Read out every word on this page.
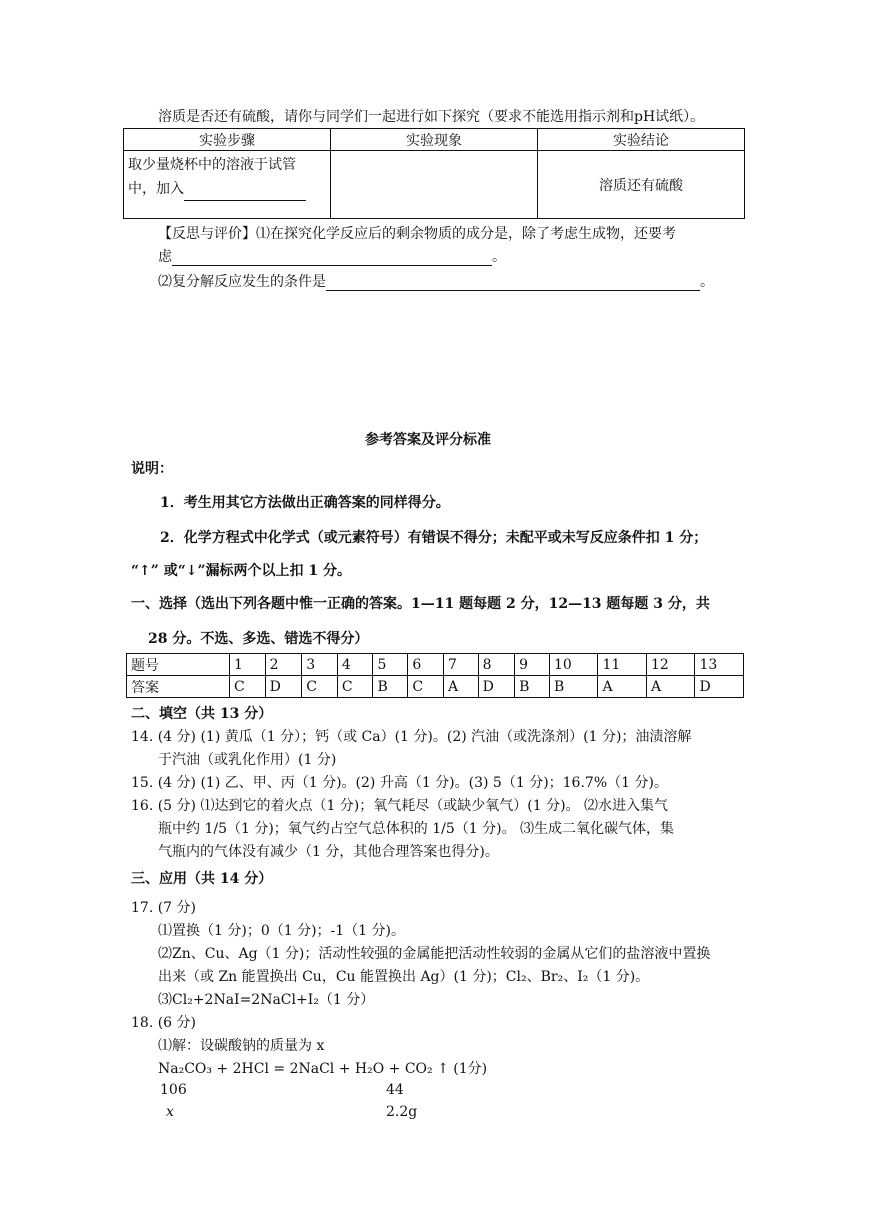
溶质是否还有硫酸，请你与同学们一起进行如下探究（要求不能选用指示剂和pH试纸）。
实验步骤	实验现象	实验结论

取少量烧杯中的溶液于试管
中，加入		溶质还有硫酸
【反思与评价】⑴在探究化学反应后的剩余物质的成分是，除了考虑生成物，还要考
虑	。
⑵复分解反应发生的条件是	。
参考答案及评分标准
说明：
1．考生用其它方法做出正确答案的同样得分。
2．化学方程式中化学式（或元素符号）有错误不得分；未配平或未写反应条件扣 1 分；
“↑” 或“↓”漏标两个以上扣 1 分。
一、选择（选出下列各题中惟一正确的答案。1—11 题每题 2 分，12—13 题每题 3 分，共
28 分。不选、多选、错选不得分）
题号	1	2	3	4	5	6	7	8	9	10	11	12	13
答案	C	D	C	C	B	C	A	D	B	B	A	A	D
二、填空（共 13 分）
14. (4 分) (1) 黄瓜（1 分）；钙（或 Ca）(1 分)。(2) 汽油（或洗涤剂）(1 分)；油渍溶解
于汽油（或乳化作用）(1 分)
15. (4 分) (1) 乙、甲、丙（1 分)。(2) 升高（1 分)。(3) 5（1 分)；16.7%（1 分)。
16. (5 分) ⑴达到它的着火点（1 分)；氧气耗尽（或缺少氧气）(1 分)。 ⑵水进入集气
瓶中约 1/5（1 分)；氧气约占空气总体积的 1/5（1 分)。 ⑶生成二氧化碳气体，集
气瓶内的气体没有减少（1 分，其他合理答案也得分)。
三、应用（共 14 分）
17. (7 分)
⑴置换（1 分)；0（1 分)；-1（1 分)。
⑵Zn、Cu、Ag（1 分)；活动性较强的金属能把活动性较弱的金属从它们的盐溶液中置换
出来（或 Zn 能置换出 Cu，Cu 能置换出 Ag）(1 分)；Cl₂、Br₂、I₂（1 分)。
⑶Cl₂+2NaI=2NaCl+I₂（1 分）
18. (6 分)
⑴解：设碳酸钠的质量为 x
Na₂CO₃ + 2HCl = 2NaCl + H₂O + CO₂ ↑ (1分)
106	44
x	2.2g
